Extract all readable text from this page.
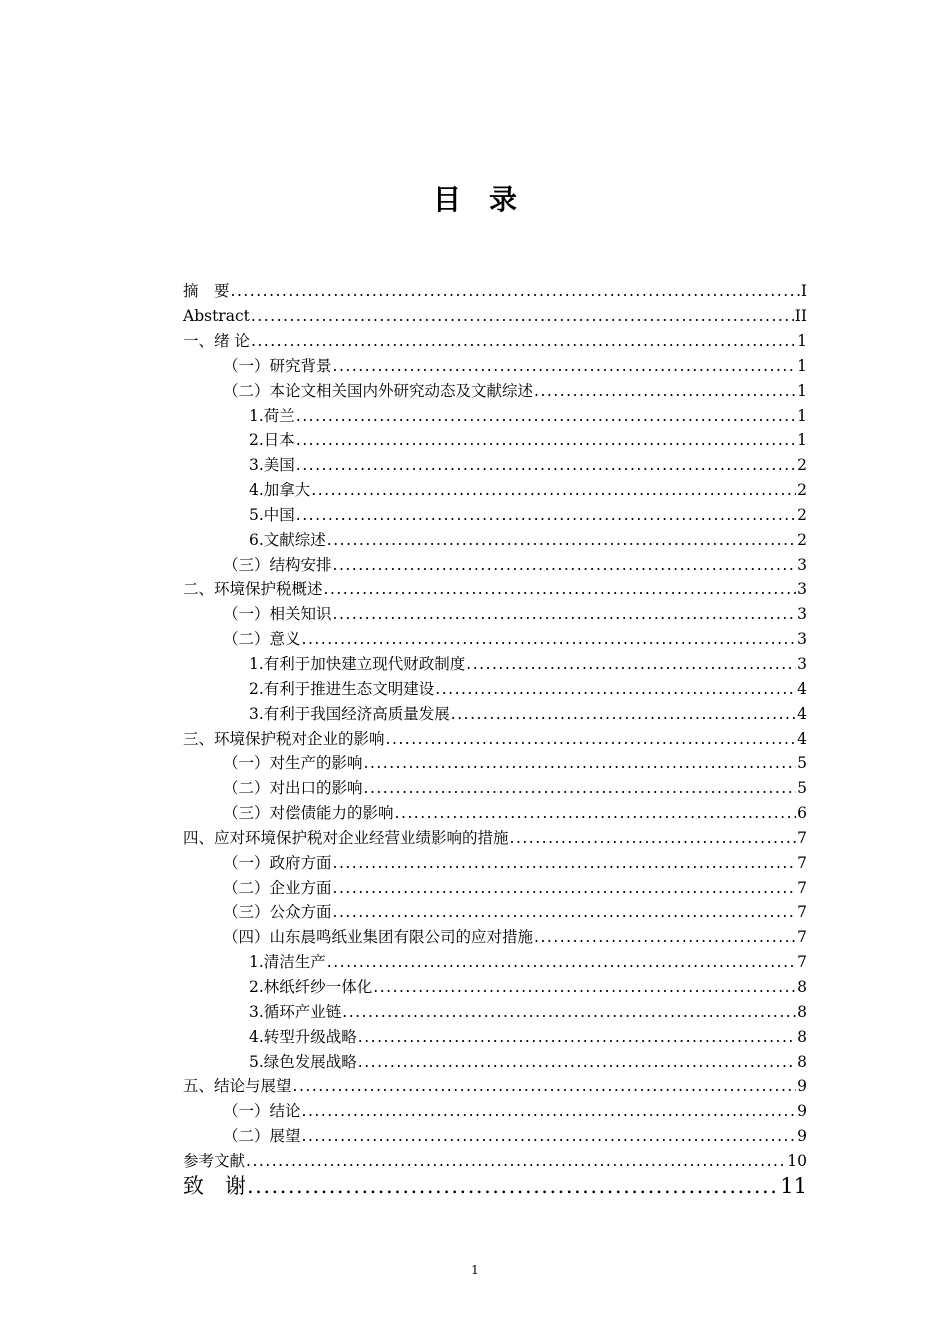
目　录
摘　要 .....	I
Abstract .....	II
一、绪 论 .....	1
（一）研究背景 .....	1
（二）本论文相关国内外研究动态及文献综述 .....	1
1.荷兰 .....	1
2.日本 .....	1
3.美国 .....	2
4.加拿大 .....	2
5.中国 .....	2
6.文献综述 .....	2
（三）结构安排 .....	3
二、环境保护税概述 .....	3
（一）相关知识 .....	3
（二）意义 .....	3
1.有利于加快建立现代财政制度 .....	3
2.有利于推进生态文明建设 .....	4
3.有利于我国经济高质量发展 .....	4
三、环境保护税对企业的影响 .....	4
（一）对生产的影响 .....	5
（二）对出口的影响 .....	5
（三）对偿债能力的影响 .....	6
四、应对环境保护税对企业经营业绩影响的措施 .....	7
（一）政府方面 .....	7
（二）企业方面 .....	7
（三）公众方面 .....	7
（四）山东晨鸣纸业集团有限公司的应对措施 .....	7
1.清洁生产 .....	7
2.林纸纤纱一体化 .....	8
3.循环产业链 .....	8
4.转型升级战略 .....	8
5.绿色发展战略 .....	8
五、结论与展望 .....	9
（一）结论 .....	9
（二）展望 .....	9
参考文献 .....	10
致　谢 .....	11
1
